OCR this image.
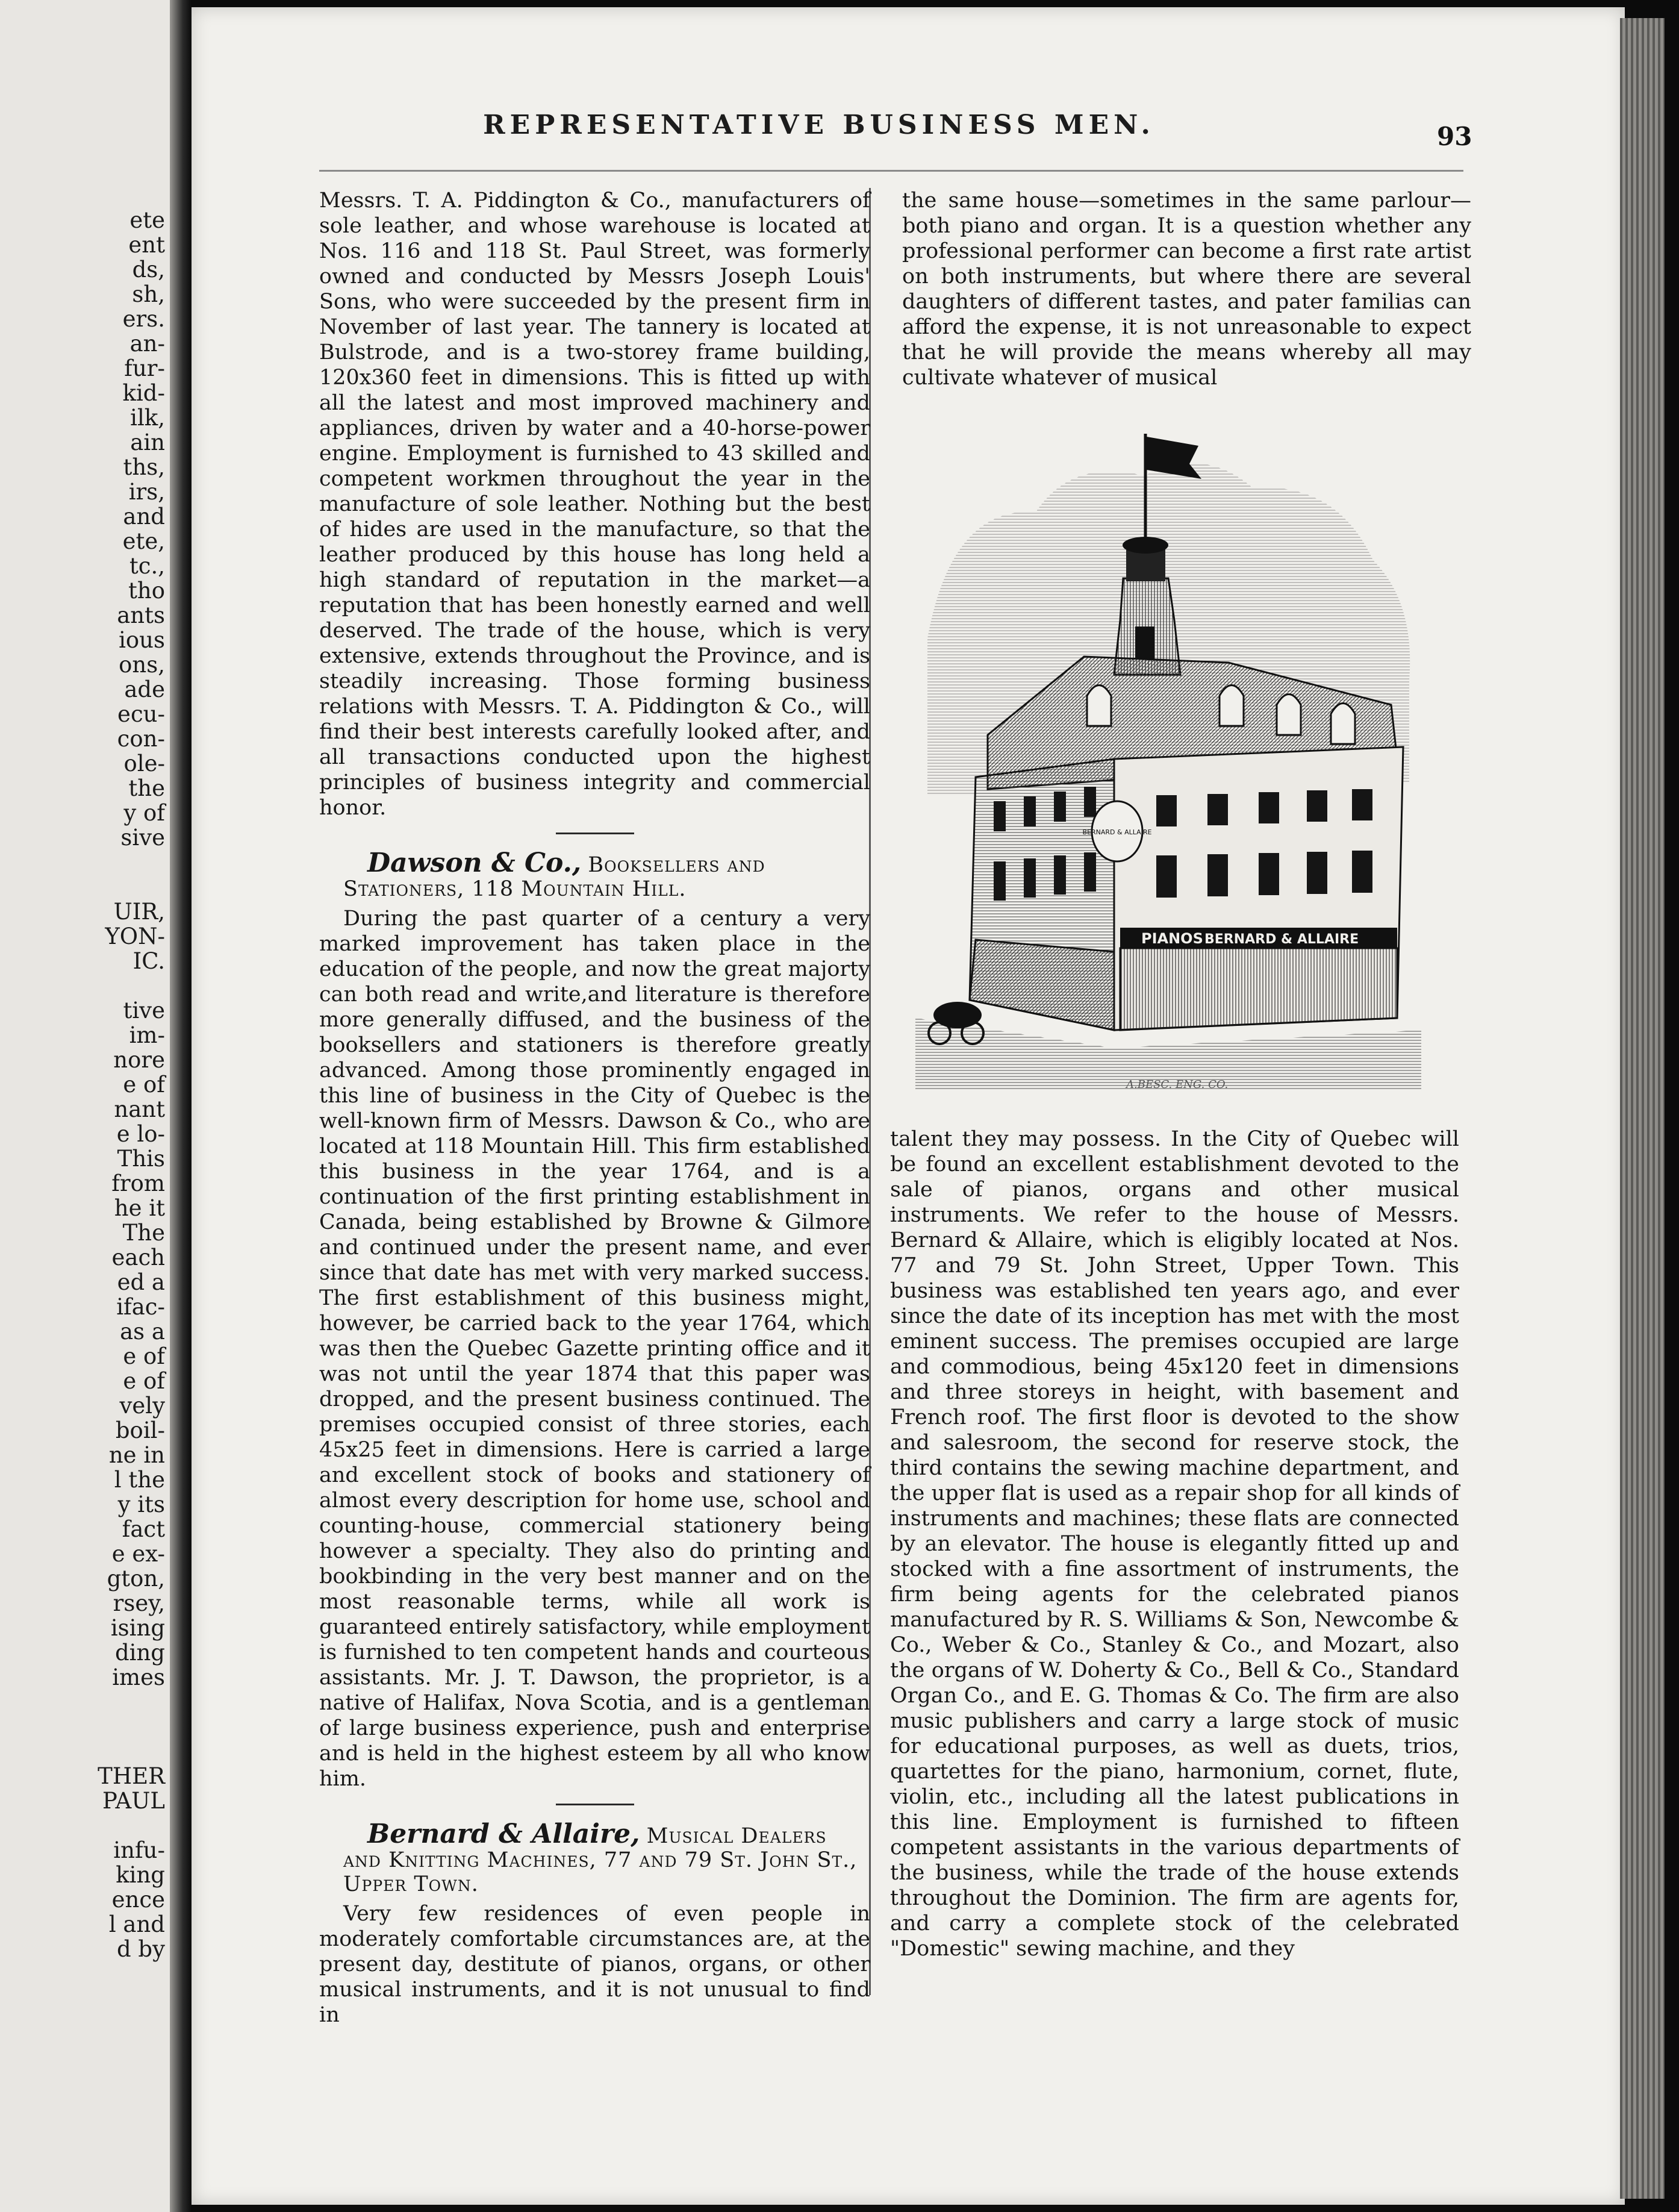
ete
ent
ds,
sh,
ers.
an-
fur-
kid-
ilk,
ain
ths,
irs,
and
ete,
tc.,
tho
ants
ious
ons,
ade
ecu-
con-
ole-
the
y of
sive
UIR,
YON-
IC.
tive
im-
nore
e of
nant
e lo-
This
from
he it
The
each
ed a
ifac-
as a
e of
e of
vely
boil-
ne in
l the
y its
fact
e ex-
gton,
rsey,
ising
ding
imes
THER
PAUL
infu-
king
ence
l and
d by
REPRESENTATIVE BUSINESS MEN.	93

Messrs. T. A. Piddington & Co., manufacturers of sole leather, and whose warehouse is located at Nos. 116 and 118 St. Paul Street, was formerly owned and conducted by Messrs Joseph Louis' Sons, who were succeeded by the present firm in November of last year. The tannery is located at Bulstrode, and is a two-storey frame building, 120x360 feet in dimensions. This is fitted up with all the latest and most improved machinery and appliances, driven by water and a 40-horse-power engine. Employment is furnished to 43 skilled and competent workmen throughout the year in the manufacture of sole leather. Nothing but the best of hides are used in the manufacture, so that the leather produced by this house has long held a high standard of reputation in the market—a reputation that has been honestly earned and well deserved. The trade of the house, which is very extensive, extends throughout the Province, and is steadily increasing. Those forming business relations with Messrs. T. A. Piddington & Co., will find their best interests carefully looked after, and all transactions conducted upon the highest principles of business integrity and commercial honor.

Dawson & Co., Booksellers and Stationers, 118 Mountain Hill.

During the past quarter of a century a very marked improvement has taken place in the education of the people, and now the great majorty can both read and write,and literature is therefore more generally diffused, and the business of the booksellers and stationers is therefore greatly advanced. Among those prominently engaged in this line of business in the City of Quebec is the well-known firm of Messrs. Dawson & Co., who are located at 118 Mountain Hill. This firm established this business in the year 1764, and is a continuation of the first printing establishment in Canada, being established by Browne & Gilmore and continued under the present name, and ever since that date has met with very marked success. The first establishment of this business might, however, be carried back to the year 1764, which was then the Quebec Gazette printing office and it was not until the year 1874 that this paper was dropped, and the present business continued. The premises occupied consist of three stories, each 45x25 feet in dimensions. Here is carried a large and excellent stock of books and stationery of almost every description for home use, school and counting-house, commercial stationery being however a specialty. They also do printing and bookbinding in the very best manner and on the most reasonable terms, while all work is guaranteed entirely satisfactory, while employment is furnished to ten competent hands and courteous assistants. Mr. J. T. Dawson, the proprietor, is a native of Halifax, Nova Scotia, and is a gentleman of large business experience, push and enterprise and is held in the highest esteem by all who know him.

Bernard & Allaire, Musical Dealers and Knitting Machines, 77 and 79 St. John St., Upper Town.

Very few residences of even people in moderately comfortable circumstances are, at the present day, destitute of pianos, organs, or other musical instruments, and it is not unusual to find in

the same house—sometimes in the same parlour—both piano and organ. It is a question whether any professional performer can become a first rate artist on both instruments, but where there are several daughters of different tastes, and pater familias can afford the expense, it is not unreasonable to expect that he will provide the means whereby all may cultivate whatever of musical

BERNARD & ALLAIRE
PIANOS BERNARD & ALLAIRE
A.BESC. ENG. CO.

talent they may possess. In the City of Quebec will be found an excellent establishment devoted to the sale of pianos, organs and other musical instruments. We refer to the house of Messrs. Bernard & Allaire, which is eligibly located at Nos. 77 and 79 St. John Street, Upper Town. This business was established ten years ago, and ever since the date of its inception has met with the most eminent success. The premises occupied are large and commodious, being 45x120 feet in dimensions and three storeys in height, with basement and French roof. The first floor is devoted to the show and salesroom, the second for reserve stock, the third contains the sewing machine department, and the upper flat is used as a repair shop for all kinds of instruments and machines; these flats are connected by an elevator. The house is elegantly fitted up and stocked with a fine assortment of instruments, the firm being agents for the celebrated pianos manufactured by R. S. Williams & Son, Newcombe & Co., Weber & Co., Stanley & Co., and Mozart, also the organs of W. Doherty & Co., Bell & Co., Standard Organ Co., and E. G. Thomas & Co. The firm are also music publishers and carry a large stock of music for educational purposes, as well as duets, trios, quartettes for the piano, harmonium, cornet, flute, violin, etc., including all the latest publications in this line. Employment is furnished to fifteen competent assistants in the various departments of the business, while the trade of the house extends throughout the Dominion. The firm are agents for, and carry a complete stock of the celebrated "Domestic" sewing machine, and they
